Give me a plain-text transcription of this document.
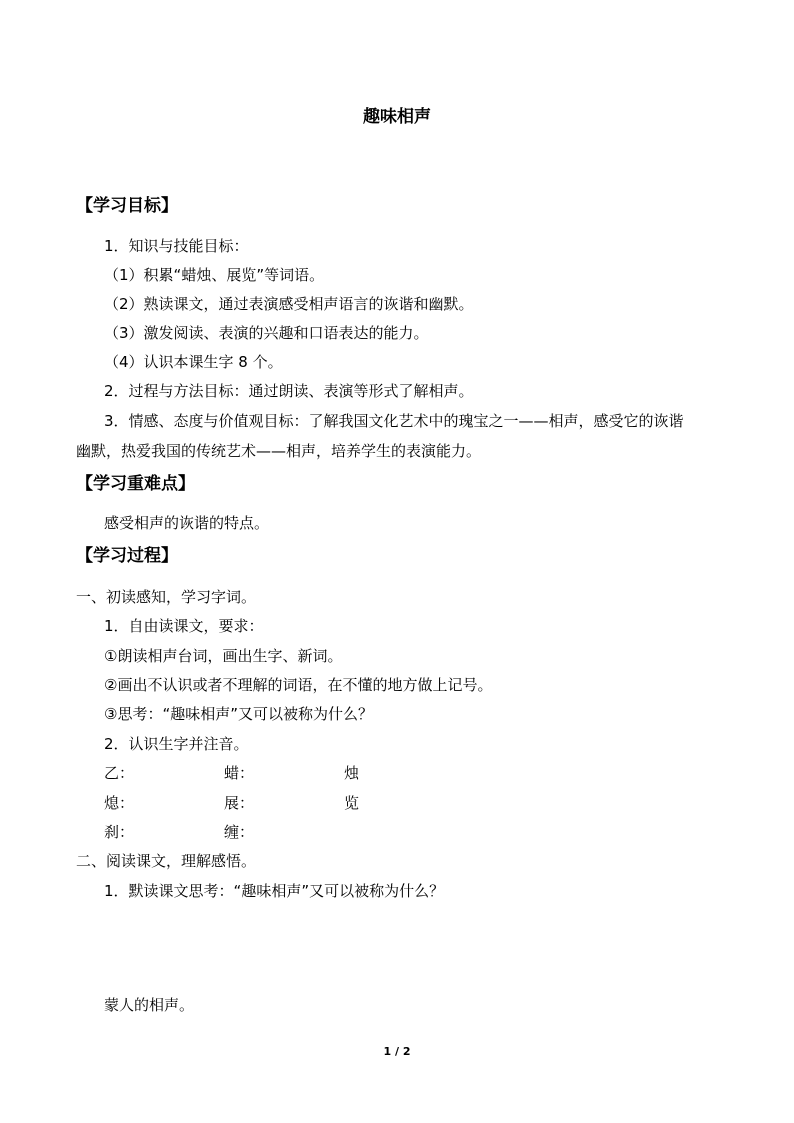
趣味相声
【学习目标】
1．知识与技能目标：
（1）积累“蜡烛、展览”等词语。
（2）熟读课文，通过表演感受相声语言的诙谐和幽默。
（3）激发阅读、表演的兴趣和口语表达的能力。
（4）认识本课生字 8 个。
2．过程与方法目标：通过朗读、表演等形式了解相声。
3．情感、态度与价值观目标：了解我国文化艺术中的瑰宝之一——相声，感受它的诙谐
幽默，热爱我国的传统艺术——相声，培养学生的表演能力。
【学习重难点】
感受相声的诙谐的特点。
【学习过程】
一、初读感知，学习字词。
1．自由读课文，要求：
①朗读相声台词，画出生字、新词。
②画出不认识或者不理解的词语，在不懂的地方做上记号。
③思考：“趣味相声”又可以被称为什么？
2．认识生字并注音。
乙：	蜡：	烛
熄：	展：	览
刹：	缠：
二、阅读课文，理解感悟。
1．默读课文思考：“趣味相声”又可以被称为什么？
蒙人的相声。
1 / 2
